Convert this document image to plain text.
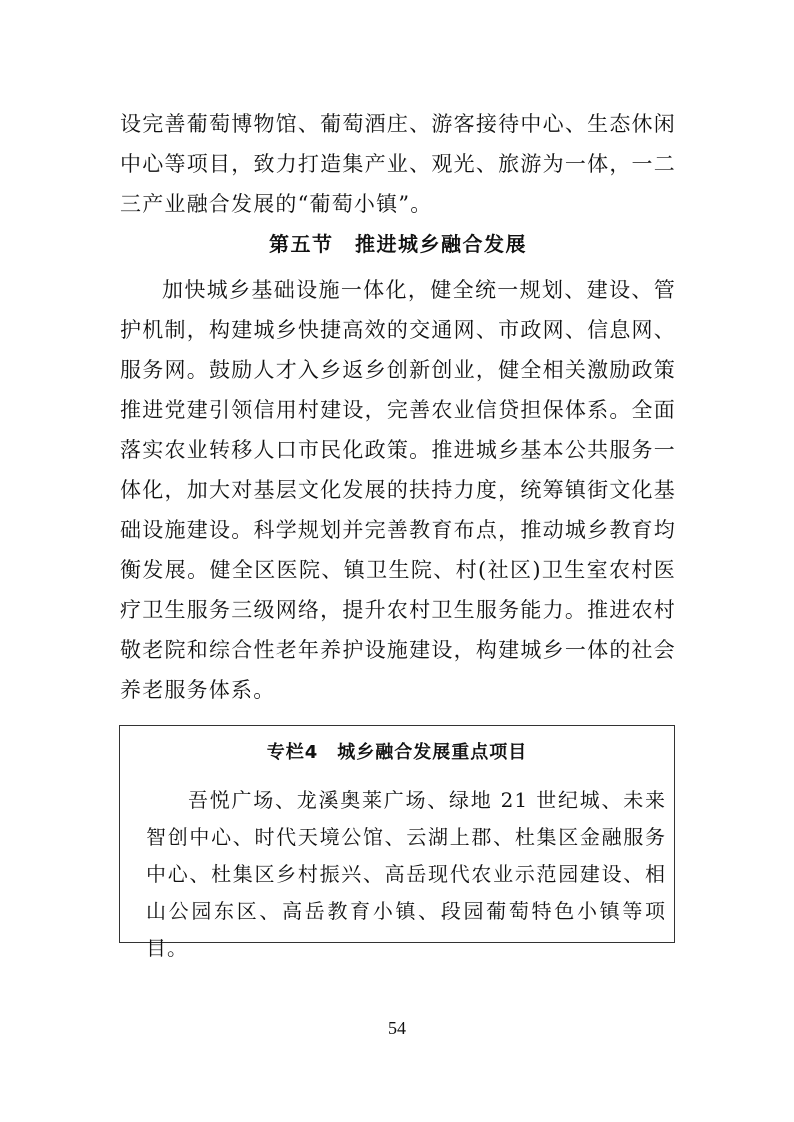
设完善葡萄博物馆、葡萄酒庄、游客接待中心、生态休闲中心等项目，致力打造集产业、观光、旅游为一体，一二三产业融合发展的“葡萄小镇”。

第五节　推进城乡融合发展

加快城乡基础设施一体化，健全统一规划、建设、管护机制，构建城乡快捷高效的交通网、市政网、信息网、服务网。鼓励人才入乡返乡创新创业，健全相关激励政策推进党建引领信用村建设，完善农业信贷担保体系。全面落实农业转移人口市民化政策。推进城乡基本公共服务一体化，加大对基层文化发展的扶持力度，统筹镇街文化基础设施建设。科学规划并完善教育布点，推动城乡教育均衡发展。健全区医院、镇卫生院、村(社区)卫生室农村医疗卫生服务三级网络，提升农村卫生服务能力。推进农村敬老院和综合性老年养护设施建设，构建城乡一体的社会养老服务体系。

专栏4　城乡融合发展重点项目

吾悦广场、龙溪奥莱广场、绿地 21 世纪城、未来智创中心、时代天境公馆、云湖上郡、杜集区金融服务中心、杜集区乡村振兴、高岳现代农业示范园建设、相山公园东区、高岳教育小镇、段园葡萄特色小镇等项目。

54
